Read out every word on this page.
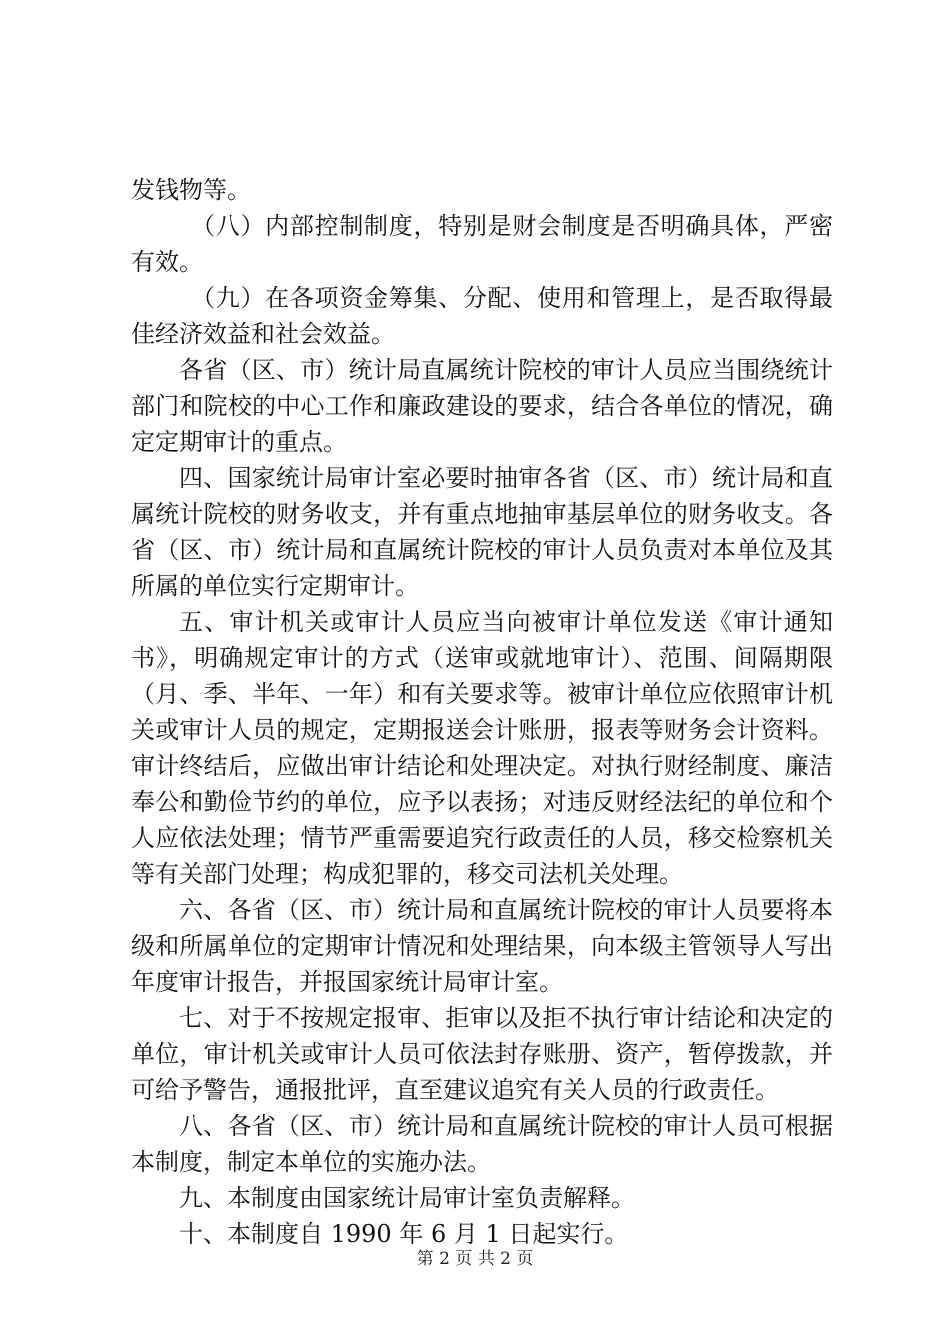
发钱物等。

（八）内部控制制度，特别是财会制度是否明确具体，严密有效。

（九）在各项资金筹集、分配、使用和管理上，是否取得最佳经济效益和社会效益。

各省（区、市）统计局直属统计院校的审计人员应当围绕统计部门和院校的中心工作和廉政建设的要求，结合各单位的情况，确定定期审计的重点。

四、国家统计局审计室必要时抽审各省（区、市）统计局和直属统计院校的财务收支，并有重点地抽审基层单位的财务收支。各省（区、市）统计局和直属统计院校的审计人员负责对本单位及其所属的单位实行定期审计。

五、审计机关或审计人员应当向被审计单位发送《审计通知书》，明确规定审计的方式（送审或就地审计）、范围、间隔期限（月、季、半年、一年）和有关要求等。被审计单位应依照审计机关或审计人员的规定，定期报送会计账册，报表等财务会计资料。审计终结后，应做出审计结论和处理决定。对执行财经制度、廉洁奉公和勤俭节约的单位，应予以表扬；对违反财经法纪的单位和个人应依法处理；情节严重需要追究行政责任的人员，移交检察机关等有关部门处理；构成犯罪的，移交司法机关处理。

六、各省（区、市）统计局和直属统计院校的审计人员要将本级和所属单位的定期审计情况和处理结果，向本级主管领导人写出年度审计报告，并报国家统计局审计室。

七、对于不按规定报审、拒审以及拒不执行审计结论和决定的单位，审计机关或审计人员可依法封存账册、资产，暂停拨款，并可给予警告，通报批评，直至建议追究有关人员的行政责任。

八、各省（区、市）统计局和直属统计院校的审计人员可根据本制度，制定本单位的实施办法。

九、本制度由国家统计局审计室负责解释。

十、本制度自 1990 年 6 月 1 日起实行。

第 2 页 共 2 页
